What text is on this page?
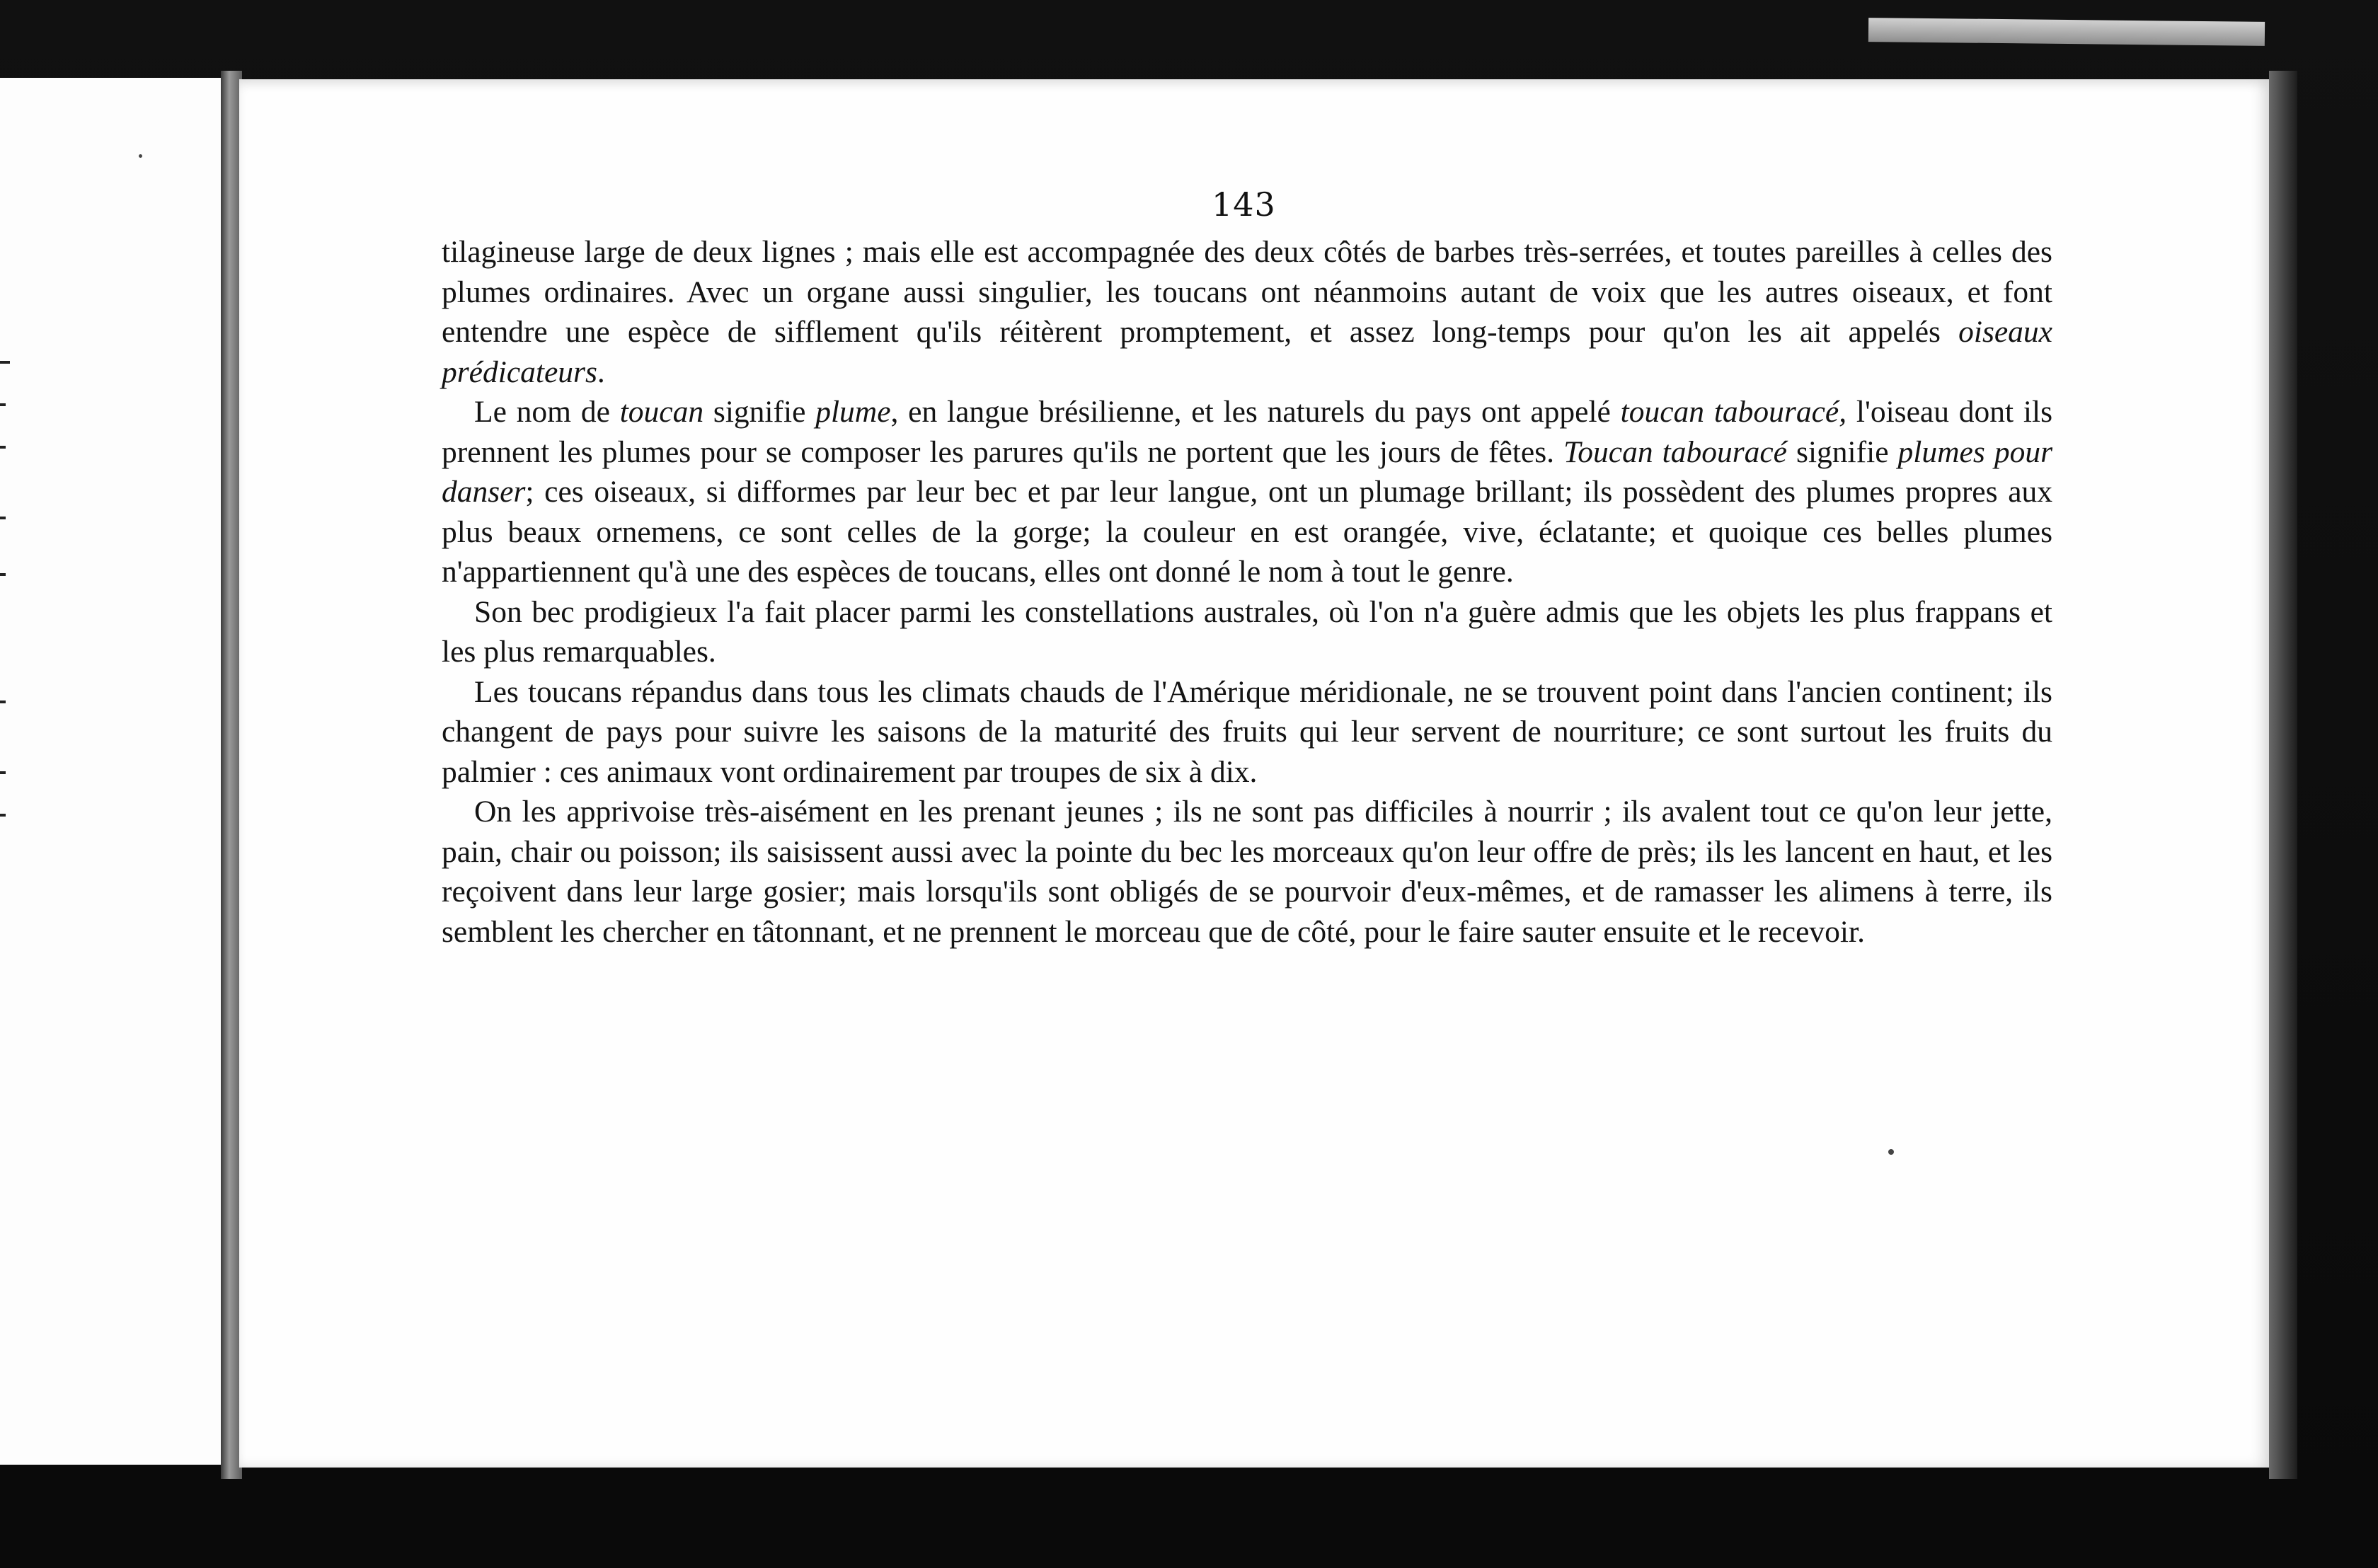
143

tilagineuse large de deux lignes ; mais elle est accompagnée des deux côtés de barbes très-serrées, et toutes pareilles à celles des plumes ordinaires. Avec un organe aussi singulier, les toucans ont néanmoins autant de voix que les autres oiseaux, et font entendre une espèce de sifflement qu'ils réitèrent promptement, et assez long-temps pour qu'on les ait appelés oiseaux prédicateurs.

Le nom de toucan signifie plume, en langue brésilienne, et les naturels du pays ont appelé toucan tabouracé, l'oiseau dont ils prennent les plumes pour se composer les parures qu'ils ne portent que les jours de fêtes. Toucan tabouracé signifie plumes pour danser; ces oiseaux, si difformes par leur bec et par leur langue, ont un plumage brillant; ils possèdent des plumes propres aux plus beaux ornemens, ce sont celles de la gorge; la couleur en est orangée, vive, éclatante; et quoique ces belles plumes n'appartiennent qu'à une des espèces de toucans, elles ont donné le nom à tout le genre.

Son bec prodigieux l'a fait placer parmi les constellations australes, où l'on n'a guère admis que les objets les plus frappans et les plus remarquables.

Les toucans répandus dans tous les climats chauds de l'Amérique méridionale, ne se trouvent point dans l'ancien continent; ils changent de pays pour suivre les saisons de la maturité des fruits qui leur servent de nourriture; ce sont surtout les fruits du palmier : ces animaux vont ordinairement par troupes de six à dix.

On les apprivoise très-aisément en les prenant jeunes ; ils ne sont pas difficiles à nourrir ; ils avalent tout ce qu'on leur jette, pain, chair ou poisson; ils saisissent aussi avec la pointe du bec les morceaux qu'on leur offre de près; ils les lancent en haut, et les reçoivent dans leur large gosier; mais lorsqu'ils sont obligés de se pourvoir d'eux-mêmes, et de ramasser les alimens à terre, ils semblent les chercher en tâtonnant, et ne prennent le morceau que de côté, pour le faire sauter ensuite et le recevoir.
